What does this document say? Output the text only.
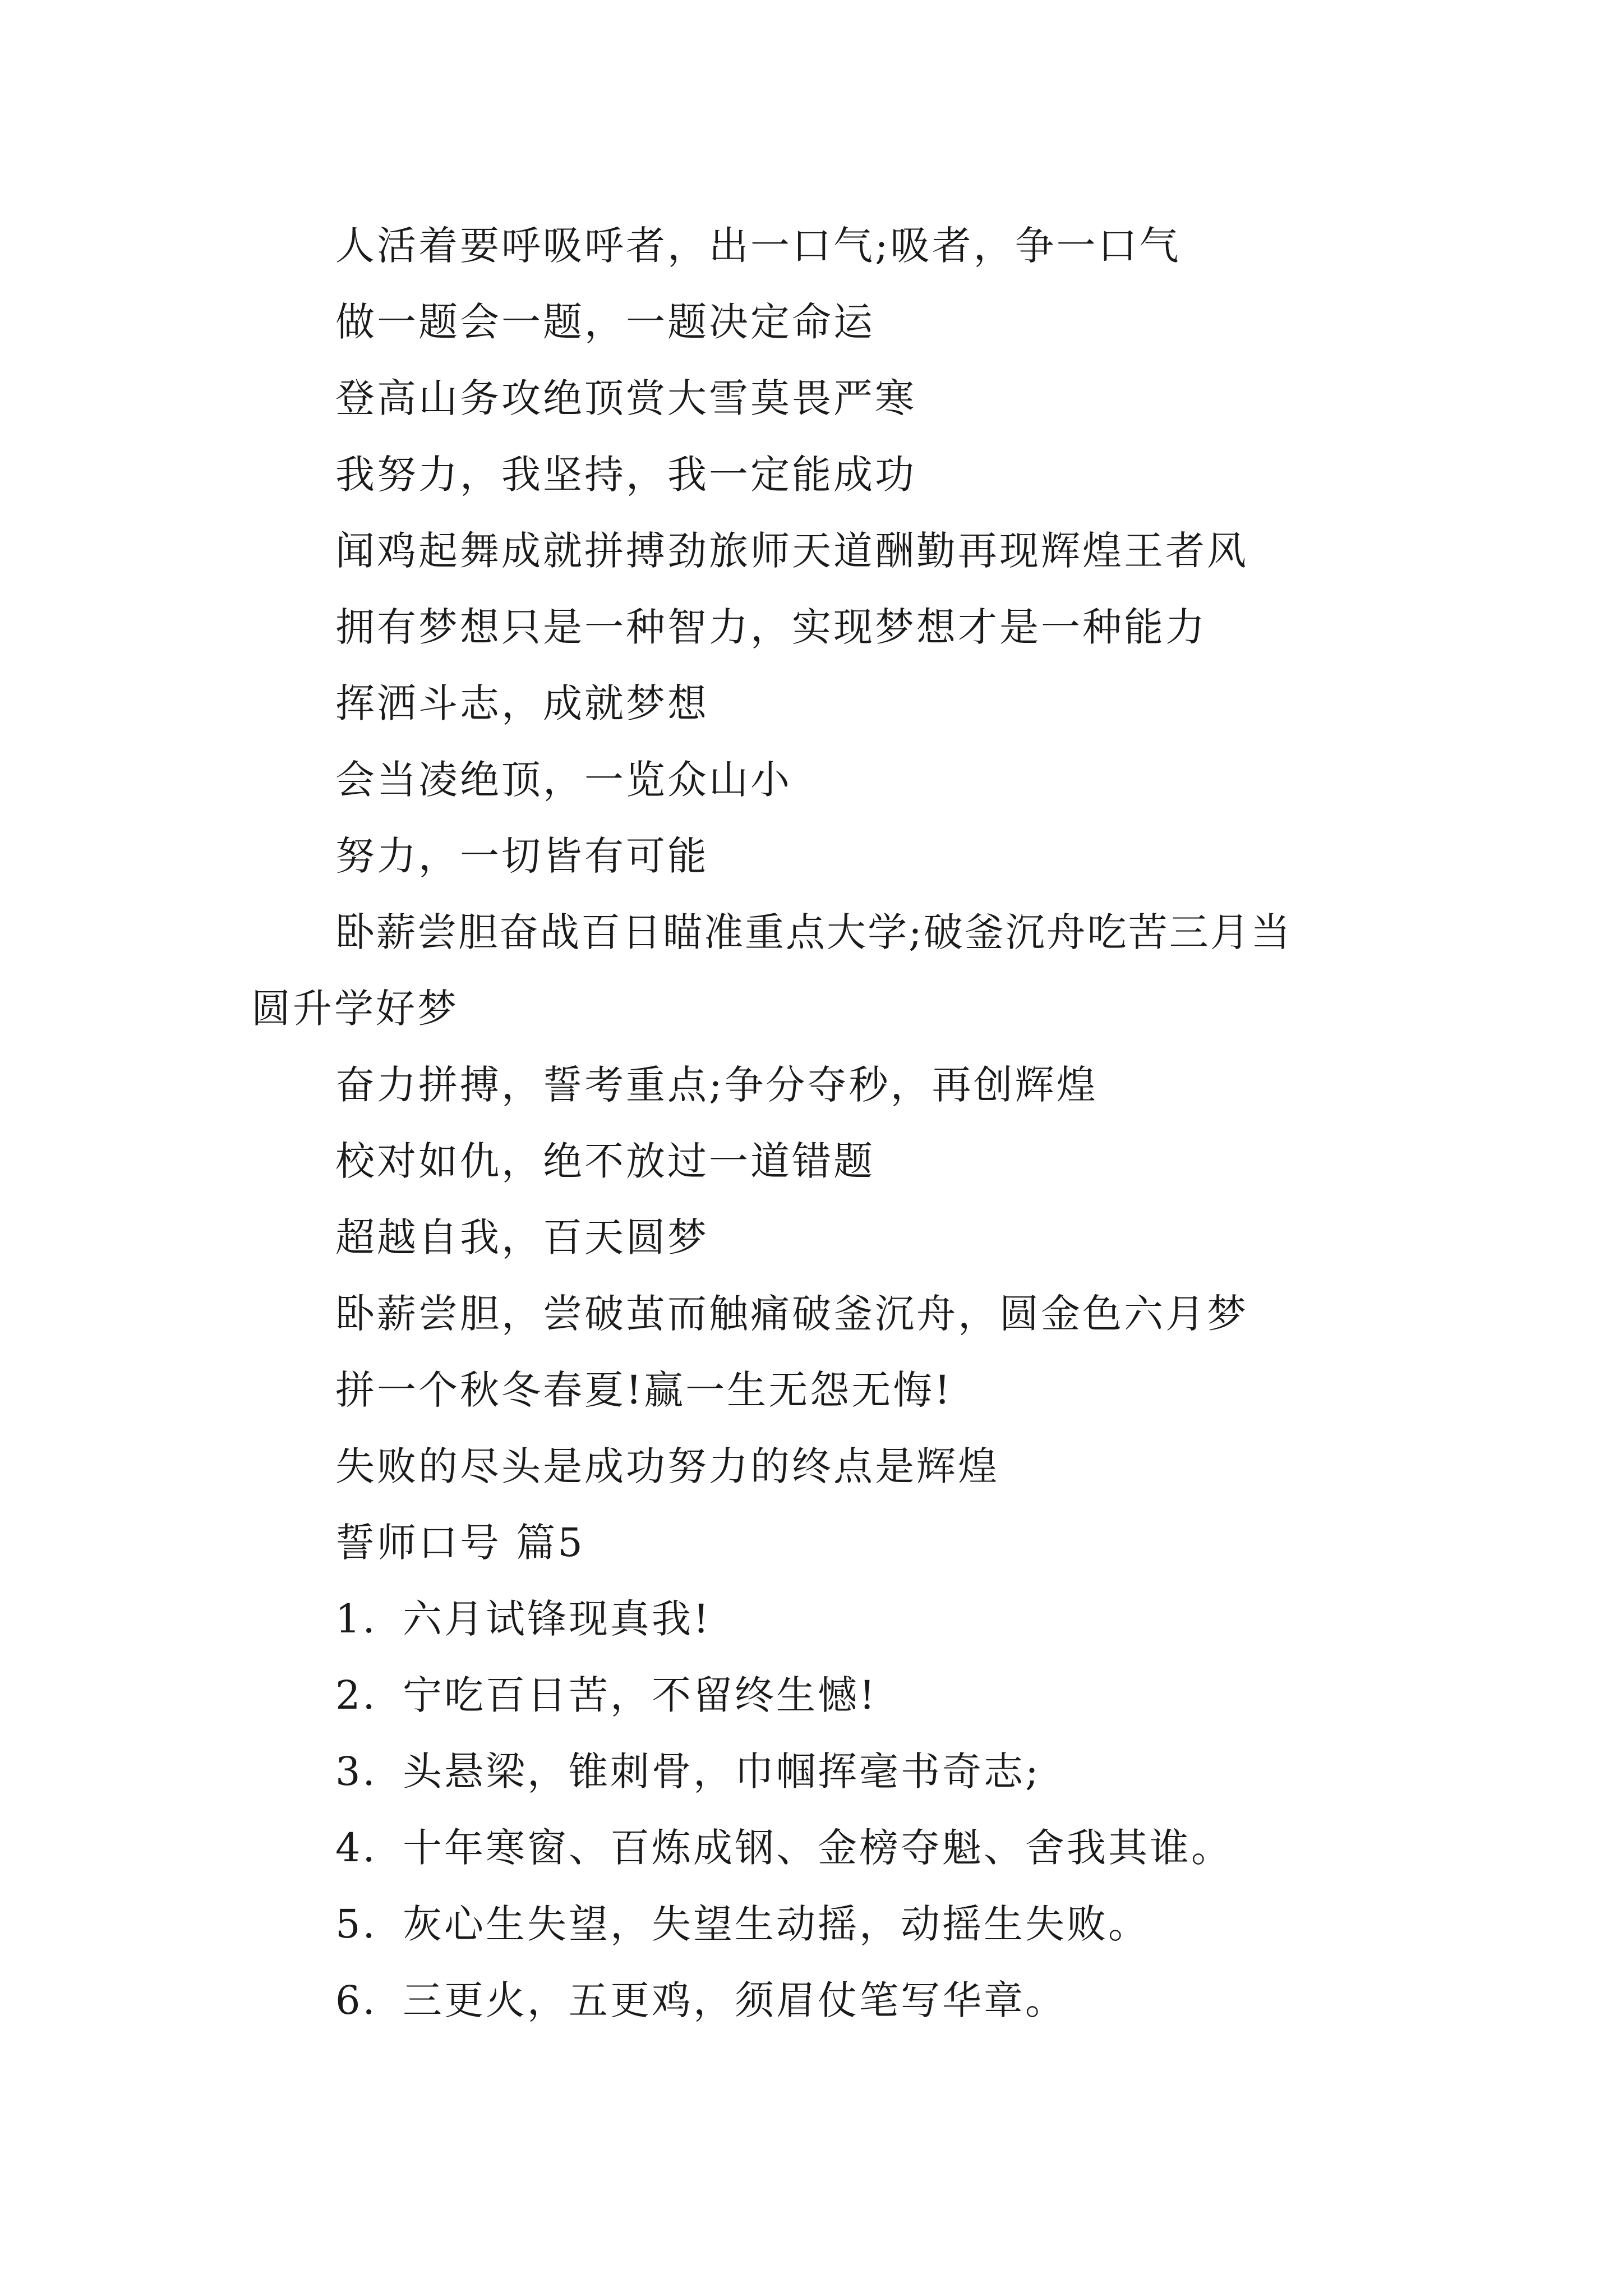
人活着要呼吸呼者，出一口气;吸者，争一口气
做一题会一题，一题决定命运
登高山务攻绝顶赏大雪莫畏严寒
我努力，我坚持，我一定能成功
闻鸡起舞成就拼搏劲旅师天道酬勤再现辉煌王者风
拥有梦想只是一种智力，实现梦想才是一种能力
挥洒斗志，成就梦想
会当凌绝顶，一览众山小
努力，一切皆有可能
卧薪尝胆奋战百日瞄准重点大学;破釜沉舟吃苦三月当
圆升学好梦
奋力拼搏，誓考重点;争分夺秒，再创辉煌
校对如仇，绝不放过一道错题
超越自我，百天圆梦
卧薪尝胆，尝破茧而触痛破釜沉舟，圆金色六月梦
拼一个秋冬春夏!赢一生无怨无悔!
失败的尽头是成功努力的终点是辉煌
誓师口号 篇5
1. 六月试锋现真我!
2. 宁吃百日苦，不留终生憾!
3. 头悬梁，锥刺骨，巾帼挥毫书奇志;
4. 十年寒窗、百炼成钢、金榜夺魁、舍我其谁。
5. 灰心生失望，失望生动摇，动摇生失败。
6. 三更火，五更鸡，须眉仗笔写华章。
